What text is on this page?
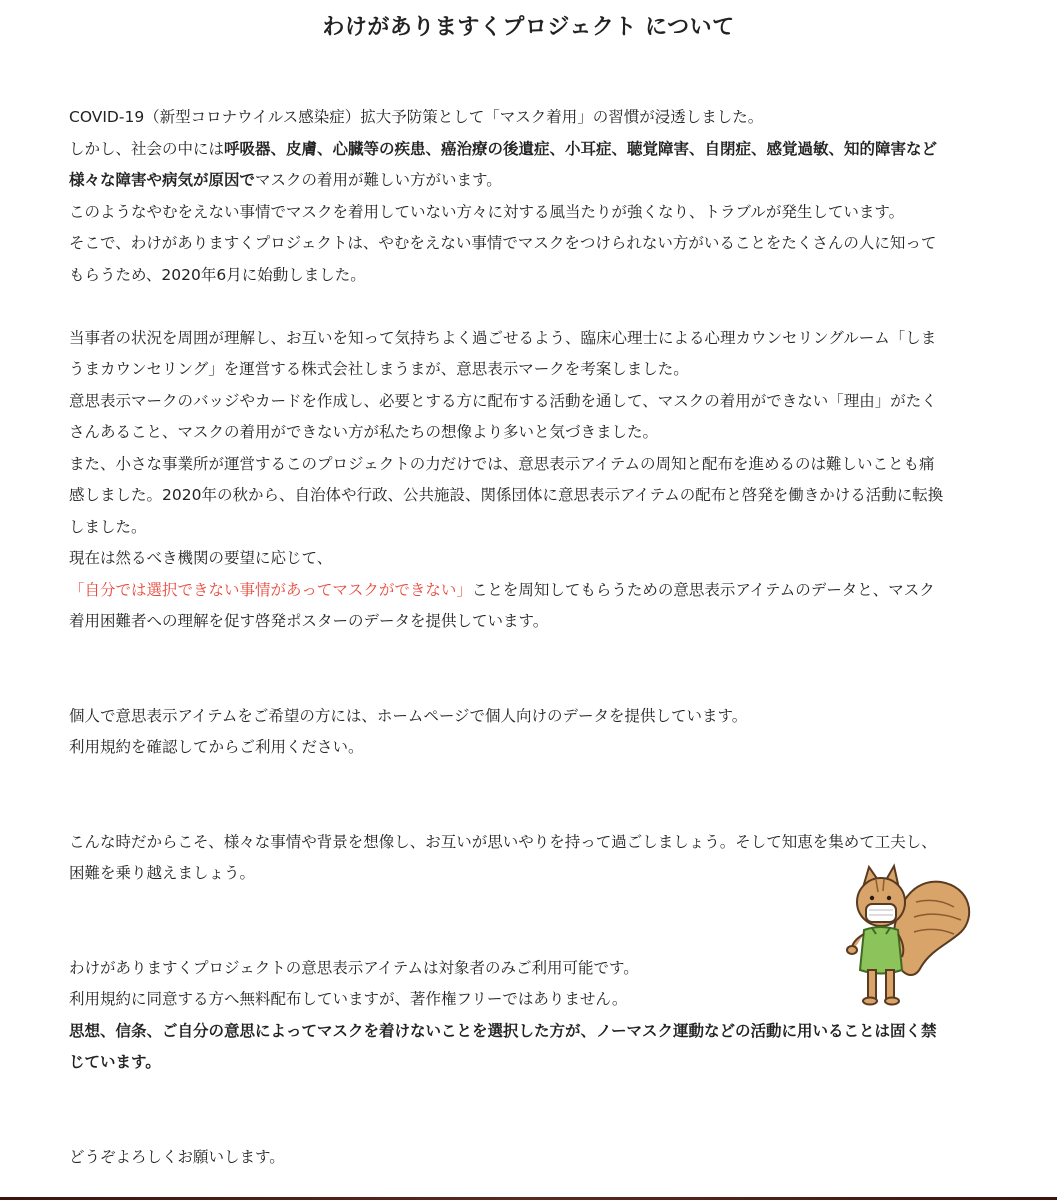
わけがありますくプロジェクト について
COVID-19（新型コロナウイルス感染症）拡大予防策として「マスク着用」の習慣が浸透しました。
しかし、社会の中には呼吸器、皮膚、心臓等の疾患、癌治療の後遺症、小耳症、聴覚障害、自閉症、感覚過敏、知的障害など
様々な障害や病気が原因でマスクの着用が難しい方がいます。
このようなやむをえない事情でマスクを着用していない方々に対する風当たりが強くなり、トラブルが発生しています。
そこで、わけがありますくプロジェクトは、やむをえない事情でマスクをつけられない方がいることをたくさんの人に知って
もらうため、2020年6月に始動しました。
当事者の状況を周囲が理解し、お互いを知って気持ちよく過ごせるよう、臨床心理士による心理カウンセリングルーム「しま
うまカウンセリング」を運営する株式会社しまうまが、意思表示マークを考案しました。
意思表示マークのバッジやカードを作成し、必要とする方に配布する活動を通して、マスクの着用ができない「理由」がたく
さんあること、マスクの着用ができない方が私たちの想像より多いと気づきました。
また、小さな事業所が運営するこのプロジェクトの力だけでは、意思表示アイテムの周知と配布を進めるのは難しいことも痛
感しました。2020年の秋から、自治体や行政、公共施設、関係団体に意思表示アイテムの配布と啓発を働きかける活動に転換
しました。
現在は然るべき機関の要望に応じて、
「自分では選択できない事情があってマスクができない」ことを周知してもらうための意思表示アイテムのデータと、マスク
着用困難者への理解を促す啓発ポスターのデータを提供しています。
個人で意思表示アイテムをご希望の方には、ホームページで個人向けのデータを提供しています。
利用規約を確認してからご利用ください。
こんな時だからこそ、様々な事情や背景を想像し、お互いが思いやりを持って過ごしましょう。そして知恵を集めて工夫し、
困難を乗り越えましょう。
わけがありますくプロジェクトの意思表示アイテムは対象者のみご利用可能です。
利用規約に同意する方へ無料配布していますが、著作権フリーではありません。
思想、信条、ご自分の意思によってマスクを着けないことを選択した方が、ノーマスク運動などの活動に用いることは固く禁
じています。
どうぞよろしくお願いします。
